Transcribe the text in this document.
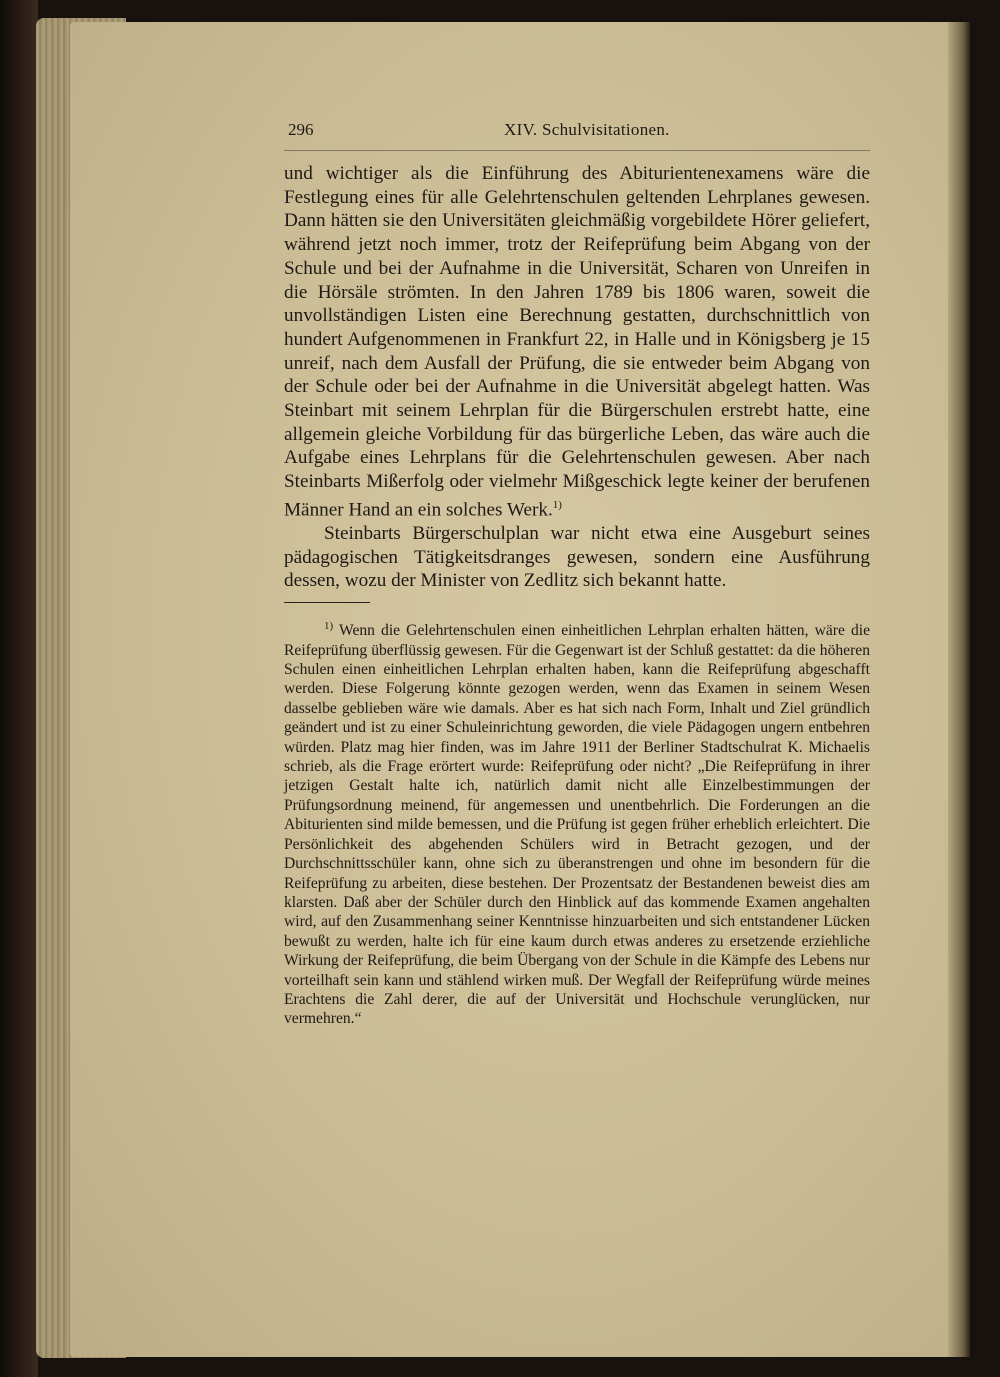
296	XIV. Schulvisitationen.

und wichtiger als die Einführung des Abiturientenexamens wäre die Festlegung eines für alle Gelehrtenschulen geltenden Lehrplanes gewesen. Dann hätten sie den Universitäten gleichmäßig vorgebildete Hörer geliefert, während jetzt noch immer, trotz der Reifeprüfung beim Abgang von der Schule und bei der Aufnahme in die Universität, Scharen von Unreifen in die Hörsäle strömten. In den Jahren 1789 bis 1806 waren, soweit die unvollständigen Listen eine Berechnung gestatten, durchschnittlich von hundert Aufgenommenen in Frankfurt 22, in Halle und in Königsberg je 15 unreif, nach dem Ausfall der Prüfung, die sie entweder beim Abgang von der Schule oder bei der Aufnahme in die Universität abgelegt hatten. Was Steinbart mit seinem Lehrplan für die Bürgerschulen erstrebt hatte, eine allgemein gleiche Vorbildung für das bürgerliche Leben, das wäre auch die Aufgabe eines Lehrplans für die Gelehrtenschulen gewesen. Aber nach Steinbarts Mißerfolg oder vielmehr Mißgeschick legte keiner der berufenen Männer Hand an ein solches Werk.$^{1)}$

Steinbarts Bürgerschulplan war nicht etwa eine Ausgeburt seines pädagogischen Tätigkeitsdranges gewesen, sondern eine Ausführung dessen, wozu der Minister von Zedlitz sich bekannt hatte.

$^{1)}$ Wenn die Gelehrtenschulen einen einheitlichen Lehrplan erhalten hätten, wäre die Reifeprüfung überflüssig gewesen. Für die Gegenwart ist der Schluß gestattet: da die höheren Schulen einen einheitlichen Lehrplan erhalten haben, kann die Reifeprüfung abgeschafft werden. Diese Folgerung könnte gezogen werden, wenn das Examen in seinem Wesen dasselbe geblieben wäre wie damals. Aber es hat sich nach Form, Inhalt und Ziel gründlich geändert und ist zu einer Schuleinrichtung geworden, die viele Pädagogen ungern entbehren würden. Platz mag hier finden, was im Jahre 1911 der Berliner Stadtschulrat K. Michaelis schrieb, als die Frage erörtert wurde: Reifeprüfung oder nicht? „Die Reifeprüfung in ihrer jetzigen Gestalt halte ich, natürlich damit nicht alle Einzelbestimmungen der Prüfungsordnung meinend, für angemessen und unentbehrlich. Die Forderungen an die Abiturienten sind milde bemessen, und die Prüfung ist gegen früher erheblich erleichtert. Die Persönlichkeit des abgehenden Schülers wird in Betracht gezogen, und der Durchschnittsschüler kann, ohne sich zu überanstrengen und ohne im besondern für die Reifeprüfung zu arbeiten, diese bestehen. Der Prozentsatz der Bestandenen beweist dies am klarsten. Daß aber der Schüler durch den Hinblick auf das kommende Examen angehalten wird, auf den Zusammenhang seiner Kenntnisse hinzuarbeiten und sich entstandener Lücken bewußt zu werden, halte ich für eine kaum durch etwas anderes zu ersetzende erziehliche Wirkung der Reifeprüfung, die beim Übergang von der Schule in die Kämpfe des Lebens nur vorteilhaft sein kann und stählend wirken muß. Der Wegfall der Reifeprüfung würde meines Erachtens die Zahl derer, die auf der Universität und Hochschule verunglücken, nur vermehren.“
